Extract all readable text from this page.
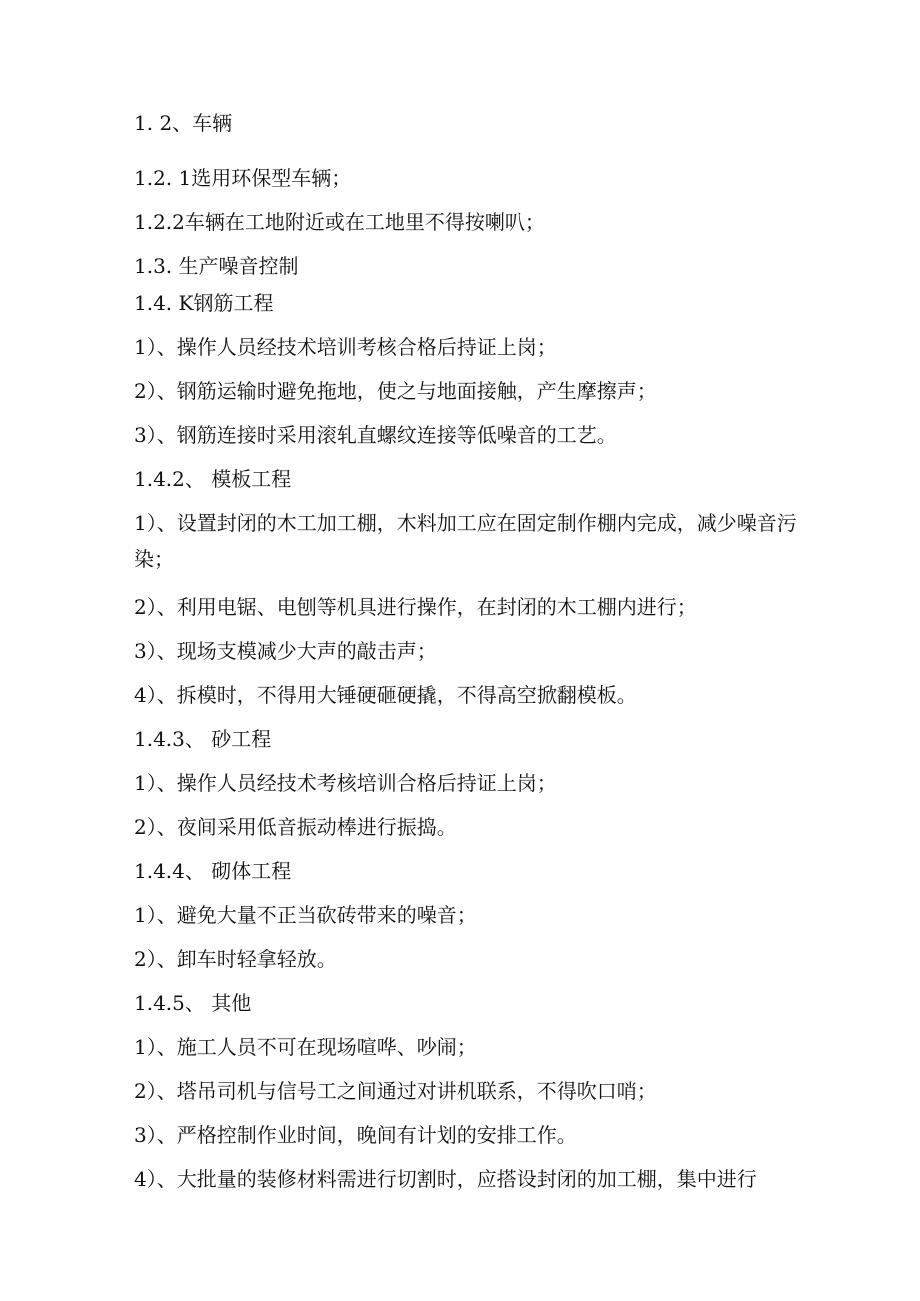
1. 2、车辆
1.2. 1选用环保型车辆；
1.2.2车辆在工地附近或在工地里不得按喇叭；
1.3. 生产噪音控制
1.4. K钢筋工程
1）、操作人员经技术培训考核合格后持证上岗；
2）、钢筋运输时避免拖地，使之与地面接触，产生摩擦声；
3）、钢筋连接时采用滚轧直螺纹连接等低噪音的工艺。
1.4.2、 模板工程
1）、设置封闭的木工加工棚，木料加工应在固定制作棚内完成，减少噪音污染；
2）、利用电锯、电刨等机具进行操作，在封闭的木工棚内进行；
3）、现场支模减少大声的敲击声；
4）、拆模时，不得用大锤硬砸硬撬，不得高空掀翻模板。
1.4.3、 砂工程
1）、操作人员经技术考核培训合格后持证上岗；
2）、夜间采用低音振动棒进行振捣。
1.4.4、 砌体工程
1）、避免大量不正当砍砖带来的噪音；
2）、卸车时轻拿轻放。
1.4.5、 其他
1）、施工人员不可在现场喧哗、吵闹；
2）、塔吊司机与信号工之间通过对讲机联系，不得吹口哨；
3）、严格控制作业时间，晚间有计划的安排工作。
4）、大批量的装修材料需进行切割时，应搭设封闭的加工棚，集中进行
